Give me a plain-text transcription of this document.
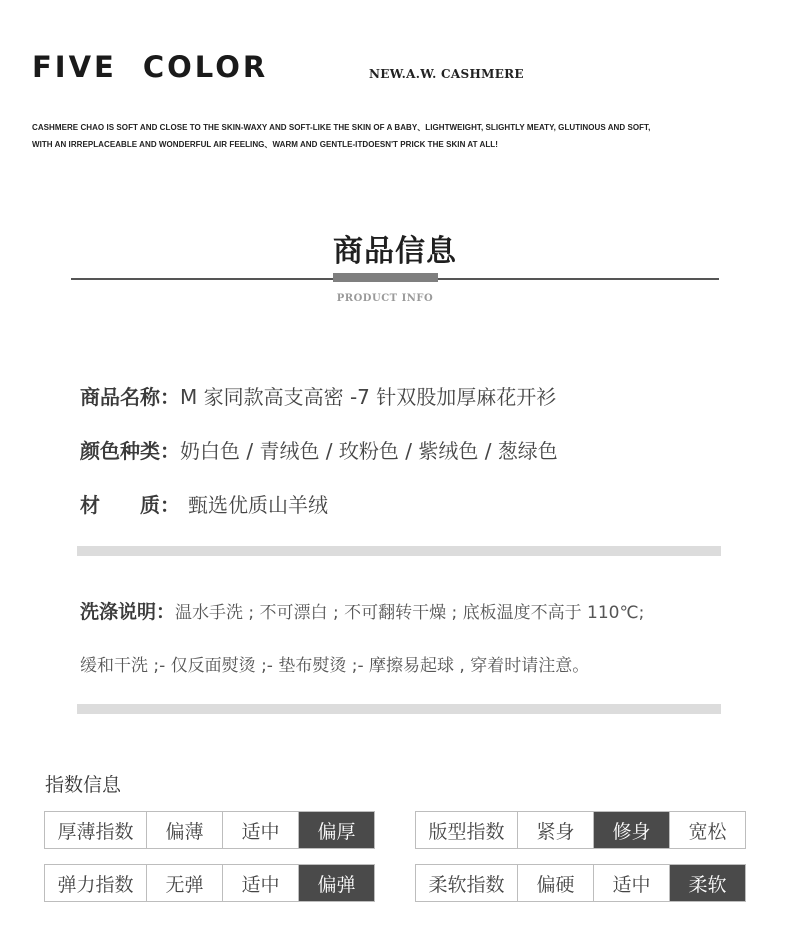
FIVE COLOR	NEW.A.W. CASHMERE
CASHMERE CHAO IS SOFT AND CLOSE TO THE SKIN-WAXY AND SOFT-LIKE THE SKIN OF A BABY、LIGHTWEIGHT, SLIGHTLY MEATY, GLUTINOUS AND SOFT,
WITH AN IRREPLACEABLE AND WONDERFUL AIR FEELING、WARM AND GENTLE-ITDOESN'T PRICK THE SKIN AT ALL!
商品信息
PRODUCT INFO
商品名称：M 家同款高支高密 -7 针双股加厚麻花开衫
颜色种类：奶白色 / 青绒色 / 玫粉色 / 紫绒色 / 葱绿色
材 质： 甄选优质山羊绒
洗涤说明：温水手洗 ; 不可漂白 ; 不可翻转干燥 ; 底板温度不高于 110℃;
缓和干洗 ;- 仅反面熨烫 ;- 垫布熨烫 ;- 摩擦易起球 , 穿着时请注意。
指数信息
厚薄指数	偏薄	适中	偏厚	版型指数	紧身	修身	宽松
弹力指数	无弹	适中	偏弹	柔软指数	偏硬	适中	柔软
